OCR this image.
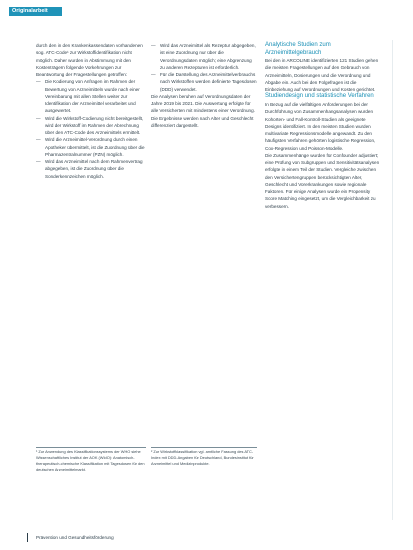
Originalarbeit

durch den in den Krankenkassendaten vorhandenen sog. ATC-Code¹ zur Wirkstoffidentifikation nicht möglich. Daher wurden in Abstimmung mit den Kostenträgern folgende Vorkehrungen zur Beantwortung der Fragestellungen getroffen:

— Die Kodierung von Anfragen im Rahmen der Bewertung von Arzneimitteln wurde nach einer Vereinbarung mit allen Stellen weiter zur Identifikation der Arzneimittel verarbeitet und ausgewertet.

— Wird die Wirkstoff-Codierung nicht bereitgestellt, wird der Wirkstoff im Rahmen der Abrechnung über den ATC-Code des Arzneimittels ermittelt.

— Wird die Arzneimittel-Verordnung durch einen Apotheker übermittelt, ist die Zuordnung über die Pharmazentralnummer (PZN) möglich.

— Wird das Arzneimittel nach dem Rahmenvertrag abgegeben, ist die Zuordnung über die Sonderkennzeichen möglich.

— Wird das Arzneimittel als Rezeptur abgegeben, ist eine Zuordnung nur über die Verordnungsdaten möglich; eine Abgrenzung zu anderen Rezepturen ist erforderlich.

— Für die Darstellung des Arzneimittelverbrauchs nach Wirkstoffen werden definierte Tagesdosen (DDD) verwendet.

Die Analysen beruhen auf Verordnungsdaten der Jahre 2019 bis 2021. Die Auswertung erfolgte für alle Versicherten mit mindestens einer Verordnung.

Die Ergebnisse werden nach Alter und Geschlecht differenziert dargestellt.

Analytische Studien zum Arzneimittelgebrauch

Bei den in ARCOLINE identifizierten 121 Studien gehen die meisten Fragestellungen auf den Gebrauch von Arzneimitteln, Dosierungen und die Verordnung und Abgabe ein. Auch bei den Folgefragen ist die Einbeziehung auf Verordnungen und Kosten gerichtet.

Studiendesign und statistische Verfahren

In Bezug auf die vielfältigen Anforderungen bei der Durchführung von Zusammenhangsanalysen wurden Kohorten- und Fall-Kontroll-Studien als geeignete Designs identifiziert. In den meisten Studien wurden multivariate Regressionsmodelle angewandt. Zu den häufigsten Verfahren gehörten logistische Regression, Cox-Regression und Poisson-Modelle.

Die Zusammenhänge wurden für Confounder adjustiert; eine Prüfung von Subgruppen und Sensitivitätsanalysen erfolgte in einem Teil der Studien. Vergleiche zwischen den Versichertengruppen berücksichtigten Alter, Geschlecht und Vorerkrankungen sowie regionale Faktoren. Für einige Analysen wurde ein Propensity Score Matching eingesetzt, um die Vergleichbarkeit zu verbessern.

¹ Zur Anwendung des Klassifikationssystems der WHO siehe Wissenschaftliches Institut der AOK (WIdO): Anatomisch-therapeutisch-chemische Klassifikation mit Tagesdosen für den deutschen Arzneimittelmarkt.
² Zur Wirkstoffklassifikation vgl. amtliche Fassung des ATC-Index mit DDD-Angaben für Deutschland, Bundesinstitut für Arzneimittel und Medizinprodukte.
Prävention und Gesundheitsförderung
